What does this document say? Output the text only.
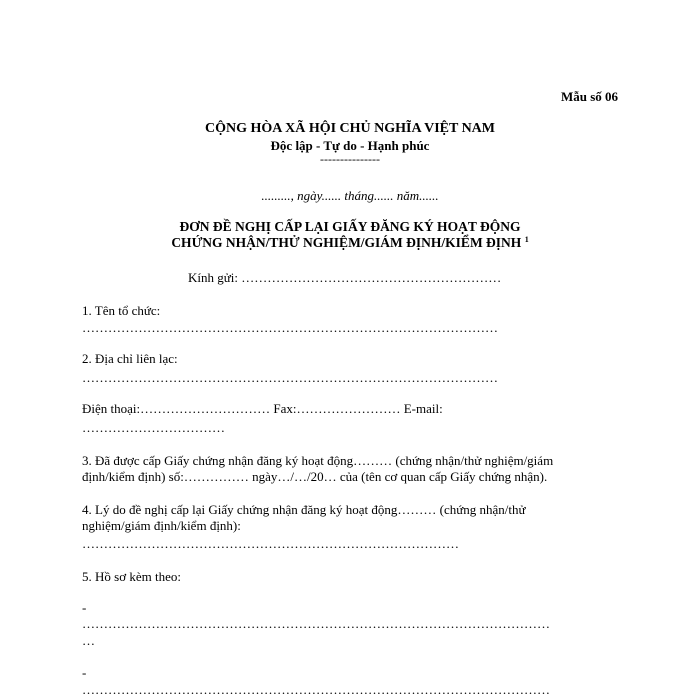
Mẫu số 06
CỘNG HÒA XÃ HỘI CHỦ NGHĨA VIỆT NAM
Độc lập - Tự do - Hạnh phúc
---------------
........., ngày...... tháng...... năm......
ĐƠN ĐỀ NGHỊ CẤP LẠI GIẤY ĐĂNG KÝ HOẠT ĐỘNG
CHỨNG NHẬN/THỬ NGHIỆM/GIÁM ĐỊNH/KIỂM ĐỊNH $^1$
Kính gửi: ……………………………………………………
1. Tên tổ chức:
……………………………………………………………………………………
2. Địa chỉ liên lạc:
……………………………………………………………………………………
Điện thoại:………………………… Fax:…………………… E-mail:
……………………………
3. Đã được cấp Giấy chứng nhận đăng ký hoạt động……… (chứng nhận/thử nghiệm/giám
định/kiểm định) số:…………… ngày…/…/20… của (tên cơ quan cấp Giấy chứng nhận).
4. Lý do đề nghị cấp lại Giấy chứng nhận đăng ký hoạt động……… (chứng nhận/thử
nghiệm/giám định/kiểm định):
……………………………………………………………………………
5. Hồ sơ kèm theo:
-
………………………………………………………………………………………………
…
-
………………………………………………………………………………………………
